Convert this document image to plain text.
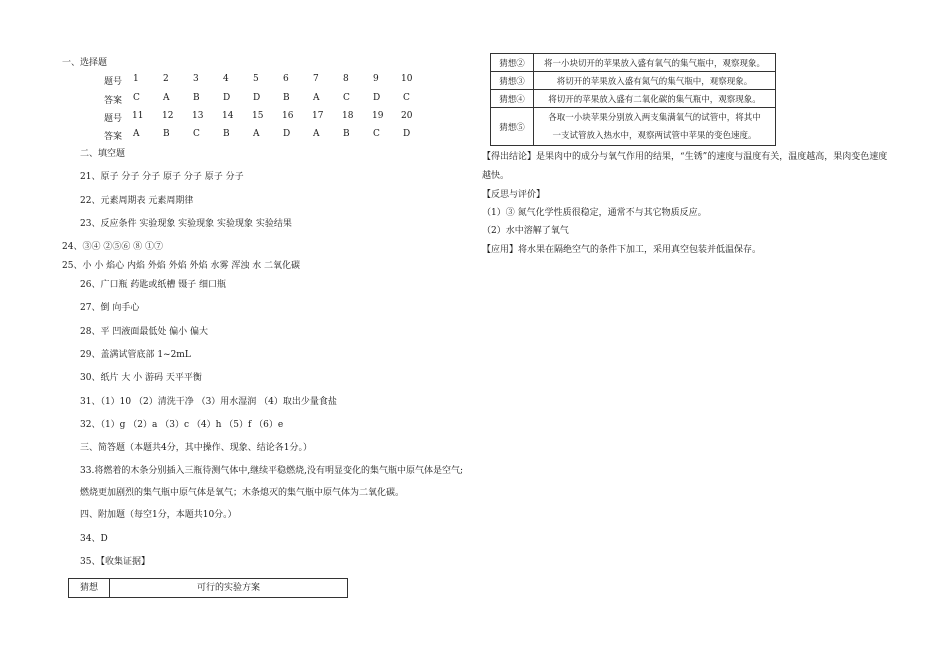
一、选择题
题号 1	2	3	4	5	6	7	8	9 10
答案 C	A	B	D	D	B	A	C	D	C
题号 11 12 13 14 15 16 17 18 19 20
答案 A	B	C	B	A	D	A	B	C	D
二、填空题
21、原子 分子 分子 原子 分子 原子 分子
22、元素周期表 元素周期律
23、反应条件 实验现象 实验现象 实验现象 实验结果
24、③④ ②⑤⑥ ⑧ ①⑦
25、小 小 焰心 内焰 外焰 外焰 外焰 水雾 浑浊 水 二氧化碳
26、广口瓶 药匙或纸槽 镊子 细口瓶
27、倒 向手心
28、平 凹液面最低处 偏小 偏大
29、盖满试管底部 1~2mL
30、纸片 大 小 游码 天平平衡
31、（1）10 （2）清洗干净 （3）用水湿润 （4）取出少量食盐
32、（1）g （2）a （3）c （4）h （5）f （6）e
三、简答题（本题共4分，其中操作、现象、结论各1分。）
33.将燃着的木条分别插入三瓶待测气体中,继续平稳燃烧,没有明显变化的集气瓶中原气体是空气;
燃烧更加剧烈的集气瓶中原气体是氧气；木条熄灭的集气瓶中原气体为二氧化碳。
四、附加题（每空1分，本题共10分。）
34、D
35、【收集证据】
猜想	可行的实验方案
猜想②	将一小块切开的苹果放入盛有氧气的集气瓶中，观察现象。
猜想③	将切开的苹果放入盛有氮气的集气瓶中，观察现象。
猜想④	将切开的苹果放入盛有二氧化碳的集气瓶中，观察现象。
猜想⑤	各取一小块苹果分别放入两支集满氧气的试管中，将其中
一支试管放入热水中，观察两试管中苹果的变色速度。
【得出结论】是果肉中的成分与氧气作用的结果，“生锈”的速度与温度有关，温度越高，果肉变色速度
越快。
【反思与评价】
（1）③ 氮气化学性质很稳定，通常不与其它物质反应。
（2）水中溶解了氧气
【应用】将水果在隔绝空气的条件下加工，采用真空包装并低温保存。
